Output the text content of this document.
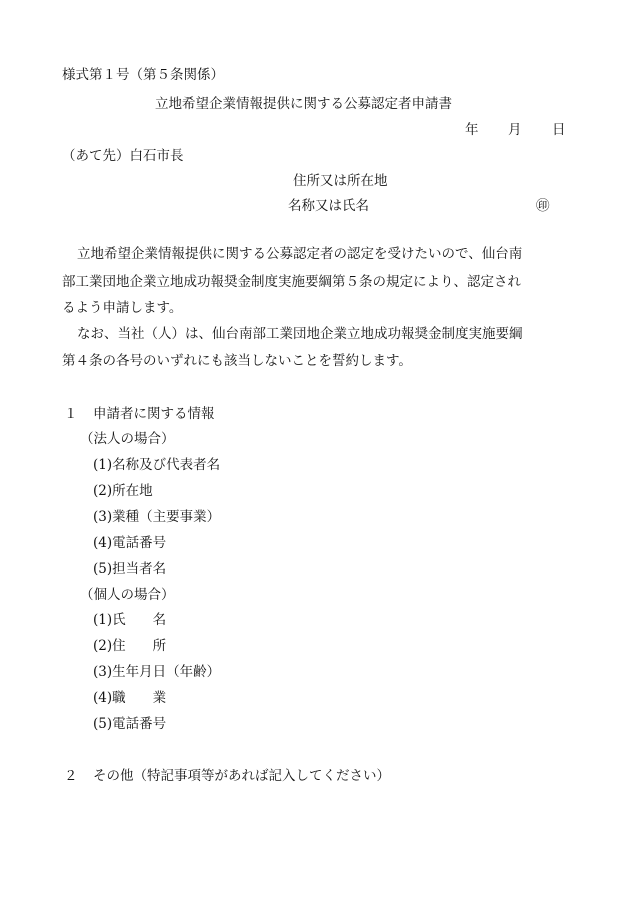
様式第１号（第５条関係）
立地希望企業情報提供に関する公募認定者申請書
年 月 日
（あて先）白石市長
住所又は所在地
名称又は氏名	㊞
立地希望企業情報提供に関する公募認定者の認定を受けたいので、仙台南
部工業団地企業立地成功報奨金制度実施要綱第５条の規定により、認定され
るよう申請します。
なお、当社（人）は、仙台南部工業団地企業立地成功報奨金制度実施要綱
第４条の各号のいずれにも該当しないことを誓約します。
１ 申請者に関する情報
（法人の場合）
(1)名称及び代表者名
(2)所在地
(3)業種（主要事業）
(4)電話番号
(5)担当者名
（個人の場合）
(1)氏　　名
(2)住　　所
(3)生年月日（年齢）
(4)職　　業
(5)電話番号
２ その他（特記事項等があれば記入してください）
